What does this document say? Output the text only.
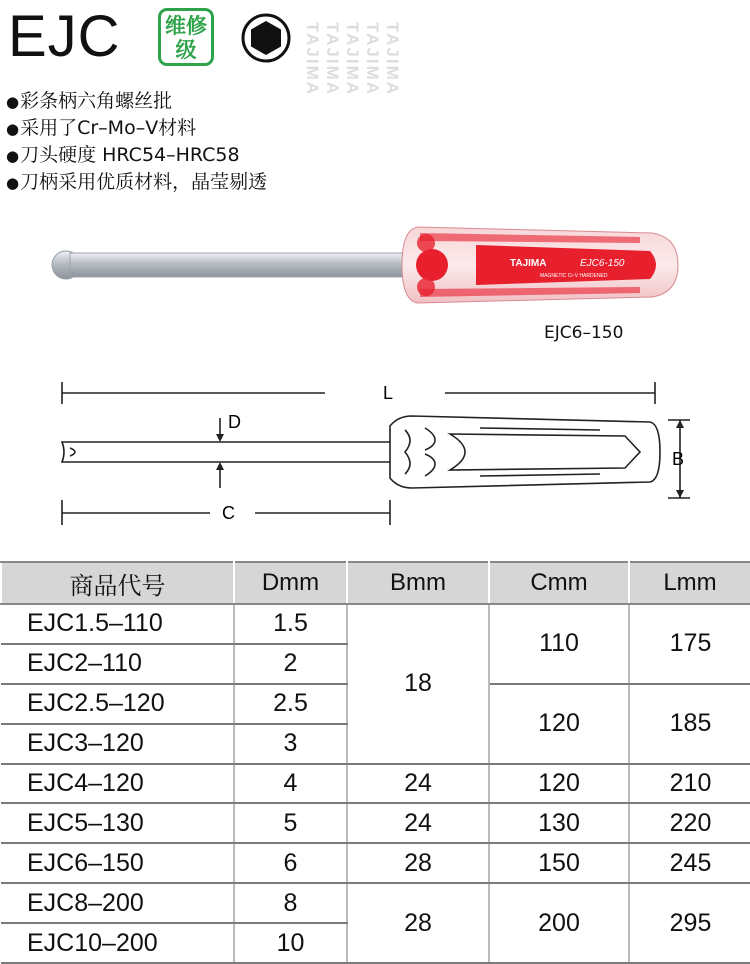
EJC 维修
级	TAJIMA
TAJIMA
TAJIMA
TAJIMA
TAJIMA
●彩条柄六角螺丝批
●采用了Cr–Mo–V材料
●刀头硬度 HRC54–HRC58
●刀柄采用优质材料，晶莹剔透
TAJIMA	EJC6-150
MAGNETIC Cr-V HARDENED
EJC6–150
L
D
C
B
商品代号	Dmm	Bmm	Cmm	Lmm
EJC1.5–110	1.5	18	110	175
EJC2–110	2			
EJC2.5–120	2.5		120	185
EJC3–120	3			
EJC4–120	4	24	120	210
EJC5–130	5	24	130	220
EJC6–150	6	28	150	245
EJC8–200	8	28	200	295
EJC10–200	10			
